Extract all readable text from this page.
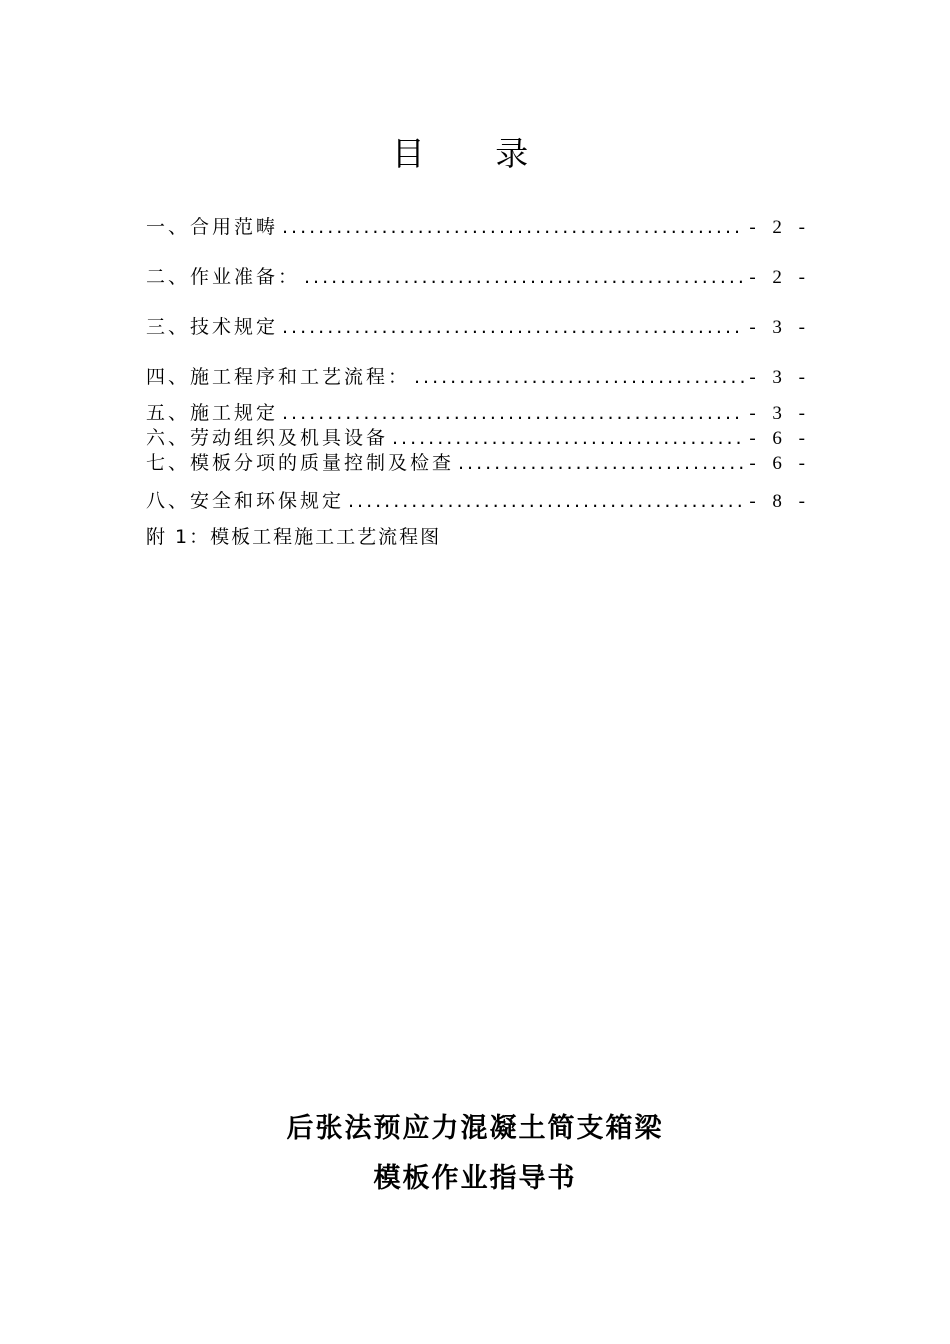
目 录
一、合用范畴 .....	- 2 -
二、作业准备： .....	- 2 -
三、技术规定 .....	- 3 -
四、施工程序和工艺流程： .....	- 3 -
五、施工规定 .....	- 3 -
六、劳动组织及机具设备 .....	- 6 -
七、模板分项的质量控制及检查 .....	- 6 -
八、安全和环保规定 .....	- 8 -
附 1：模板工程施工工艺流程图
后张法预应力混凝土简支箱梁
模板作业指导书
